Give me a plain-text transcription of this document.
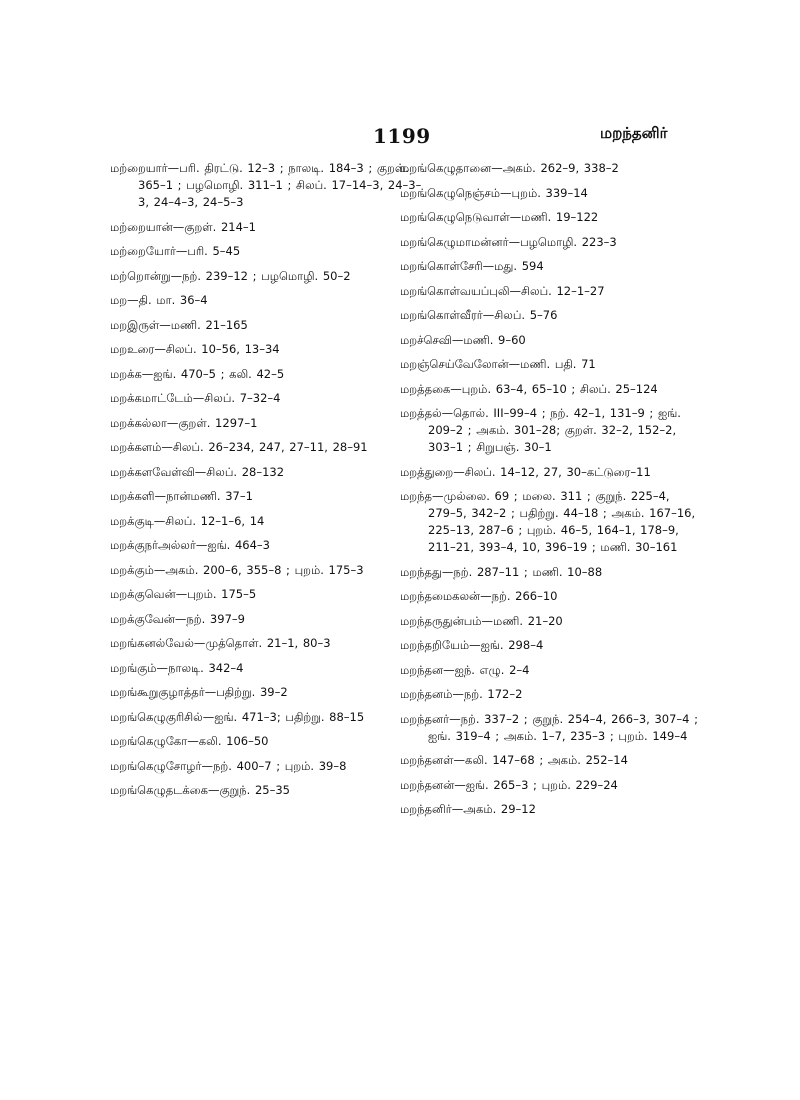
1199	மறந்தனிர்

மற்றையார்—பரி. திரட்டு. 12–3 ; நாலடி. 184–3 ; குறள். 365–1 ; பழமொழி. 311–1 ; சிலப். 17–14–3, 24–3–3, 24–4–3, 24–5–3

மற்றையான்—குறள். 214–1

மற்றையோர்—பரி. 5–45

மற்றொன்று—நற். 239–12 ; பழமொழி. 50–2

மற—தி. மா. 36–4

மறஇருள்—மணி. 21–165

மறஉரை—சிலப். 10–56, 13–34

மறக்க—ஐங். 470–5 ; கலி. 42–5

மறக்கமாட்டேம்—சிலப். 7–32–4

மறக்கல்லா—குறள். 1297–1

மறக்களம்—சிலப். 26–234, 247, 27–11, 28–91

மறக்களவேள்வி—சிலப். 28–132

மறக்களி—நான்மணி. 37–1

மறக்குடி—சிலப். 12–1–6, 14

மறக்குநர்அல்லர்—ஐங். 464–3

மறக்கும்—அகம். 200–6, 355–8 ; புறம். 175–3

மறக்குவென்—புறம். 175–5

மறக்குவேன்—நற். 397–9

மறங்கனல்வேல்—முத்தொள். 21–1, 80–3

மறங்கும்—நாலடி. 342–4

மறங்கூறுகுழாத்தர்—பதிற்று. 39–2

மறங்கெழுகுரிசில்—ஐங். 471–3; பதிற்று. 88–15

மறங்கெழுகோ—கலி. 106–50

மறங்கெழுசோழர்—நற். 400–7 ; புறம். 39–8

மறங்கெழுதடக்கை—குறுந். 25–35

மறங்கெழுதானை—அகம். 262–9, 338–2

மறங்கெழுநெஞ்சம்—புறம். 339–14

மறங்கெழுநெடுவாள்—மணி. 19–122

மறங்கெழுமாமன்னர்—பழமொழி. 223–3

மறங்கொள்சேரி—மது. 594

மறங்கொள்வயப்புலி—சிலப். 12–1–27

மறங்கொள்வீரர்—சிலப். 5–76

மறச்செவி—மணி. 9–60

மறஞ்செய்வேலோன்—மணி. பதி. 71

மறத்தகை—புறம். 63–4, 65–10 ; சிலப். 25–124

மறத்தல்—தொல். III–99–4 ; நற். 42–1, 131–9 ; ஐங். 209–2 ; அகம். 301–28; குறள். 32–2, 152–2, 303–1 ; சிறுபஞ். 30–1

மறத்துறை—சிலப். 14–12, 27, 30–கட்டுரை–11

மறந்த—முல்லை. 69 ; மலை. 311 ; குறுந். 225–4, 279–5, 342–2 ; பதிற்று. 44–18 ; அகம். 167–16, 225–13, 287–6 ; புறம். 46–5, 164–1, 178–9, 211–21, 393–4, 10, 396–19 ; மணி. 30–161

மறந்தது—நற். 287–11 ; மணி. 10–88

மறந்தமைகலன்—நற். 266–10

மறந்தருதுன்பம்—மணி. 21–20

மறந்தறியேம்—ஐங். 298–4

மறந்தன—ஐந். எழு. 2–4

மறந்தனம்—நற். 172–2

மறந்தனர்—நற். 337–2 ; குறுந். 254–4, 266–3, 307–4 ; ஐங். 319–4 ; அகம். 1–7, 235–3 ; புறம். 149–4

மறந்தனள்—கலி. 147–68 ; அகம். 252–14

மறந்தனன்—ஐங். 265–3 ; புறம். 229–24

மறந்தனிர்—அகம். 29–12
